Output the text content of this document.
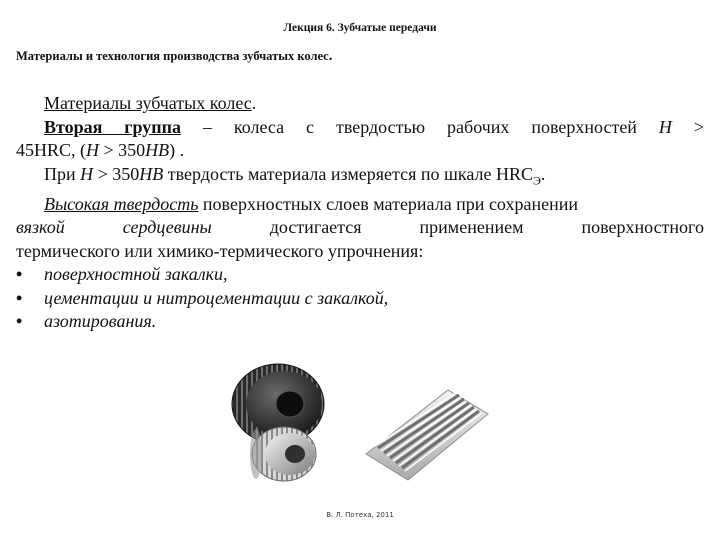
Лекция 6. Зубчатые передачи
Материалы и технология производства зубчатых колес.
Материалы зубчатых колес.
Вторая группа – колеса с твердостью рабочих поверхностей H >
45HRC, (H > 350HB) .
При H > 350HB твердость материала измеряется по шкале $HRC_Э$.
Высокая твердость поверхностных слоев материала при сохранении
вязкой сердцевины достигается применением поверхностного
термического или химико-термического упрочнения:
•	поверхностной закалки,
•	цементации и нитроцементации с закалкой,
•	азотирования.
В. Л. Потеха, 2011
